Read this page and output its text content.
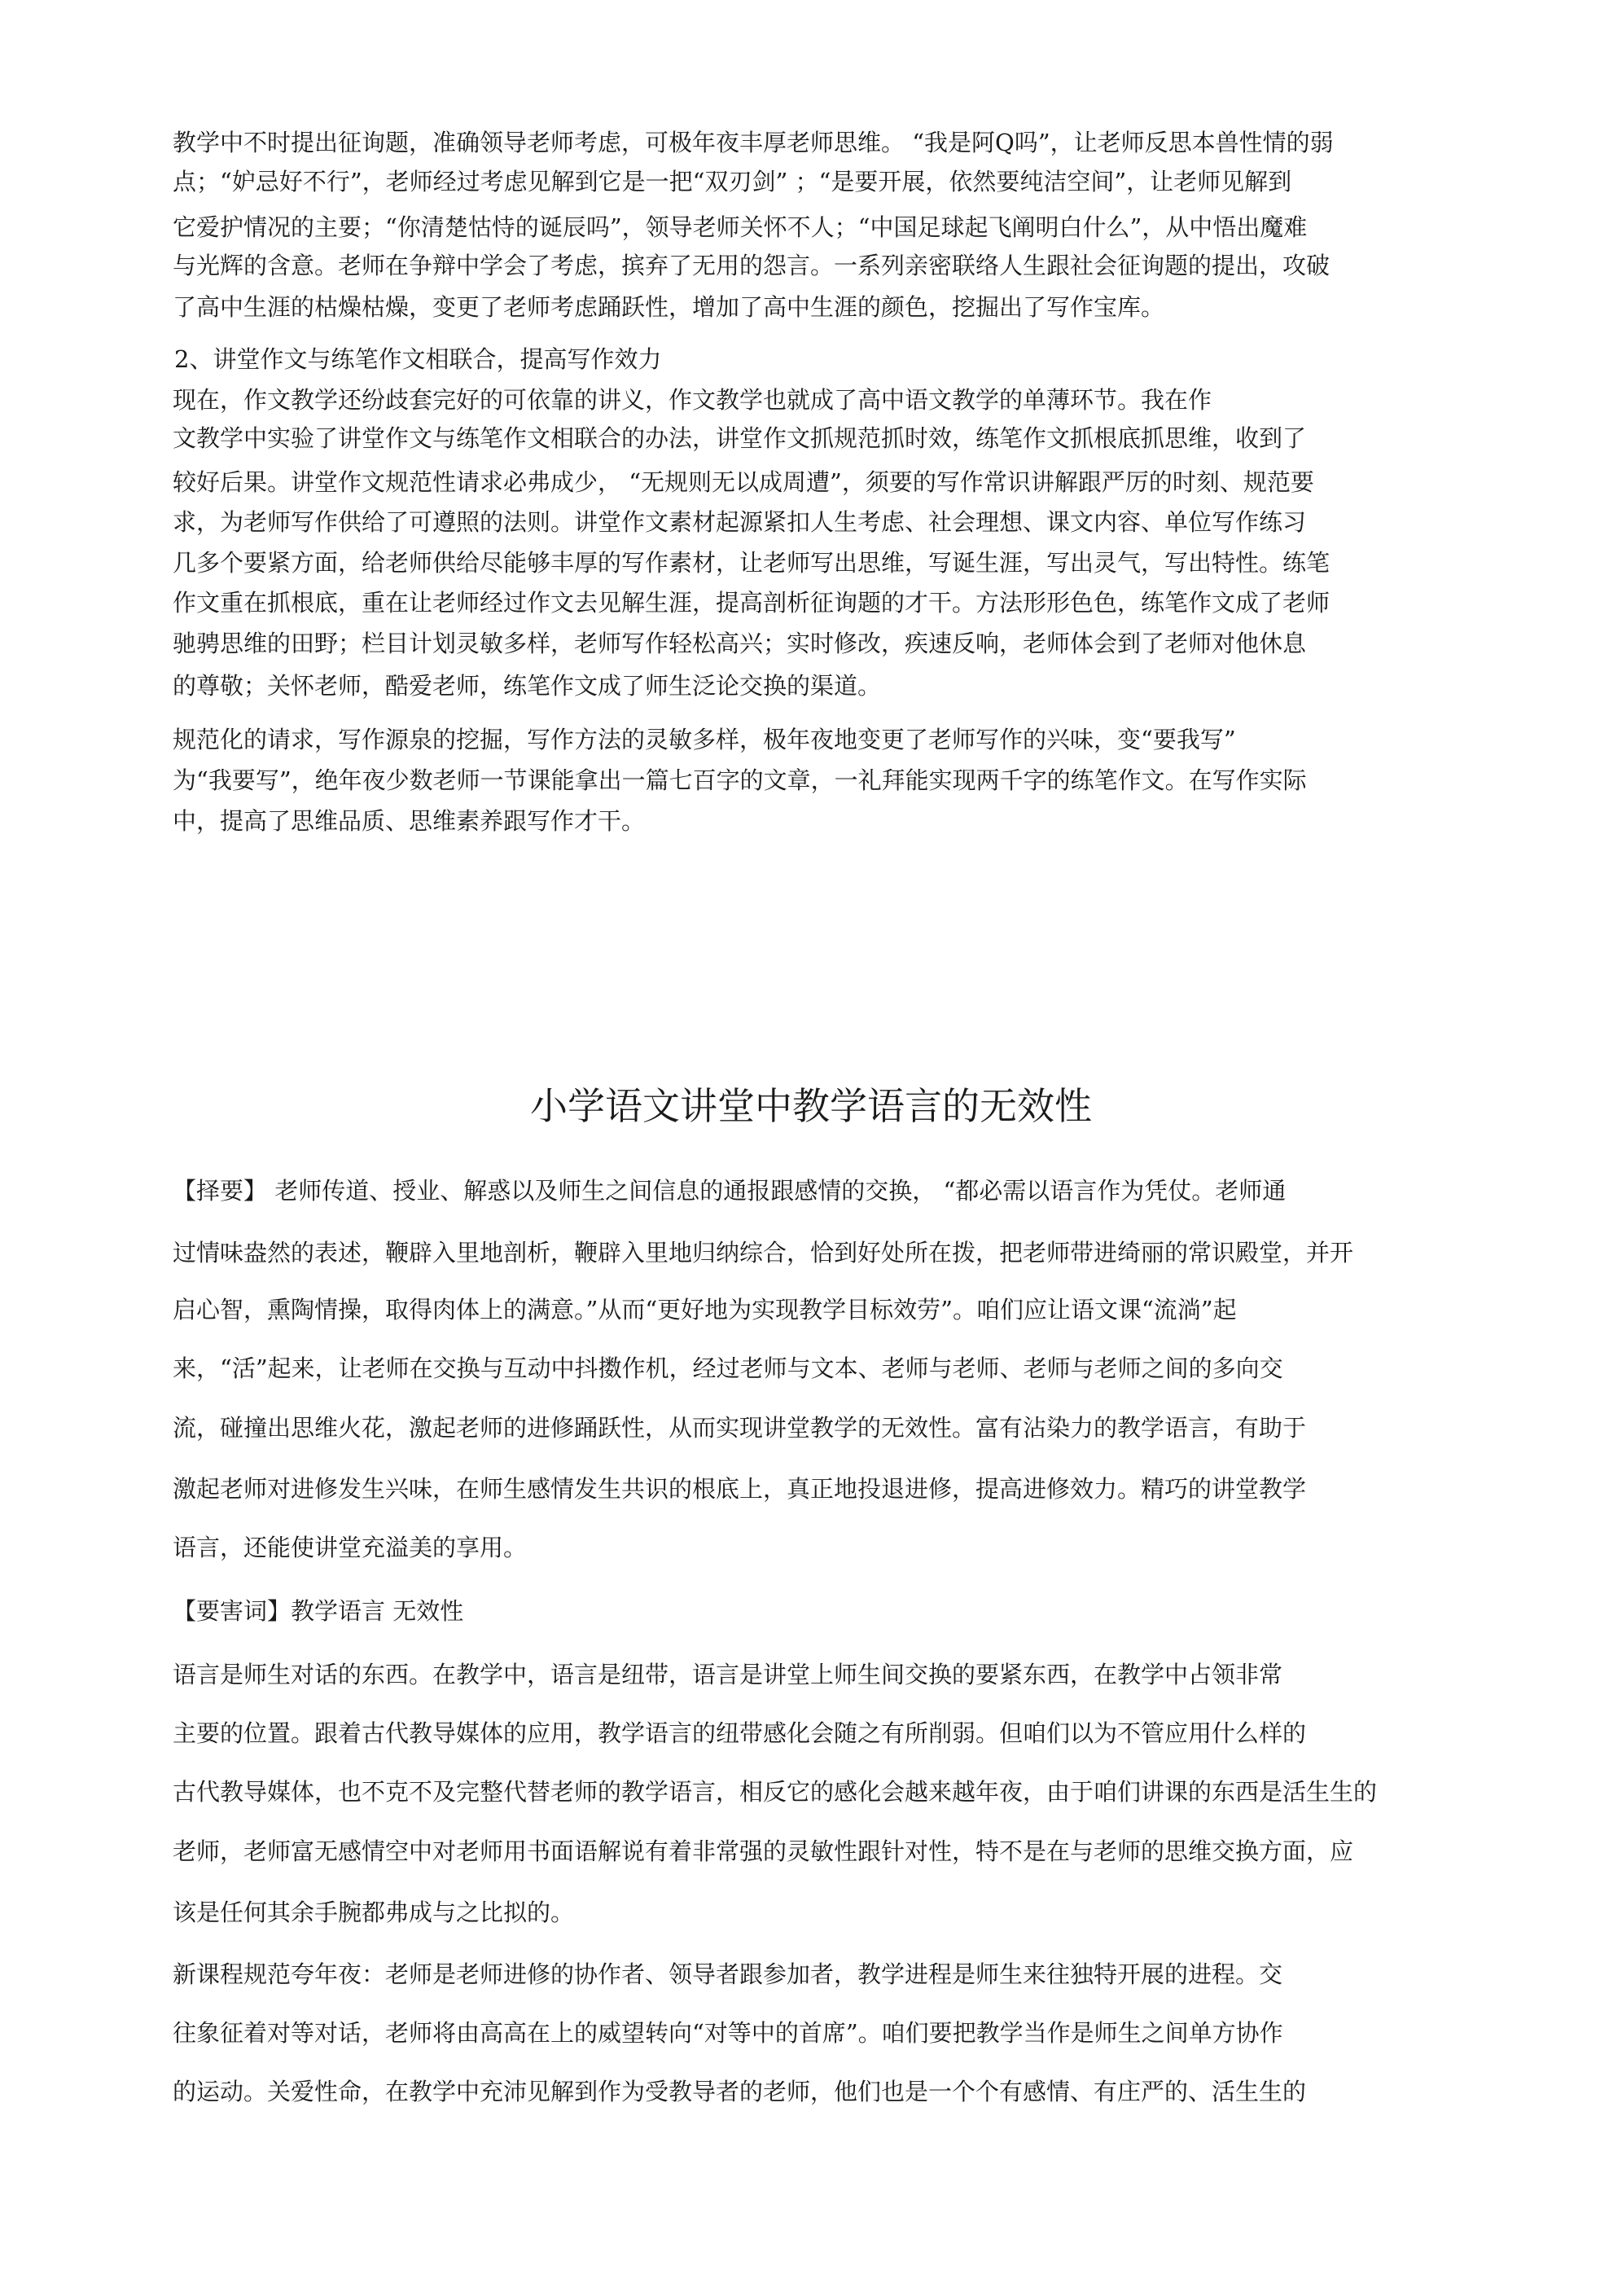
教学中不时提出征询题，准确领导老师考虑，可极年夜丰厚老师思维。 “我是阿Q吗”，让老师反思本兽性情的弱
点；“妒忌好不行”，老师经过考虑见解到它是一把“双刃剑” ；“是要开展，依然要纯洁空间”，让老师见解到
它爱护情况的主要；“你清楚怙恃的诞辰吗”，领导老师关怀不人；“中国足球起飞阐明白什么”，从中悟出魔难
与光辉的含意。老师在争辩中学会了考虑，摈弃了无用的怨言。一系列亲密联络人生跟社会征询题的提出，攻破
了高中生涯的枯燥枯燥，变更了老师考虑踊跃性，增加了高中生涯的颜色，挖掘出了写作宝库。
2、讲堂作文与练笔作文相联合，提高写作效力
现在，作文教学还纷歧套完好的可依靠的讲义，作文教学也就成了高中语文教学的单薄环节。我在作
文教学中实验了讲堂作文与练笔作文相联合的办法，讲堂作文抓规范抓时效，练笔作文抓根底抓思维，收到了
较好后果。讲堂作文规范性请求必弗成少， “无规则无以成周遭”，须要的写作常识讲解跟严厉的时刻、规范要
求，为老师写作供给了可遵照的法则。讲堂作文素材起源紧扣人生考虑、社会理想、课文内容、单位写作练习
几多个要紧方面，给老师供给尽能够丰厚的写作素材，让老师写出思维，写诞生涯，写出灵气，写出特性。练笔
作文重在抓根底，重在让老师经过作文去见解生涯，提高剖析征询题的才干。方法形形色色，练笔作文成了老师
驰骋思维的田野；栏目计划灵敏多样，老师写作轻松高兴；实时修改，疾速反响，老师体会到了老师对他休息
的尊敬；关怀老师，酷爱老师，练笔作文成了师生泛论交换的渠道。
规范化的请求，写作源泉的挖掘，写作方法的灵敏多样，极年夜地变更了老师写作的兴味，变“要我写”
为“我要写”，绝年夜少数老师一节课能拿出一篇七百字的文章，一礼拜能实现两千字的练笔作文。在写作实际
中，提高了思维品质、思维素养跟写作才干。
小学语文讲堂中教学语言的无效性
【择要】 老师传道、授业、解惑以及师生之间信息的通报跟感情的交换， “都必需以语言作为凭仗。老师通
过情味盎然的表述，鞭辟入里地剖析，鞭辟入里地归纳综合，恰到好处所在拨，把老师带进绮丽的常识殿堂，并开
启心智，熏陶情操，取得肉体上的满意。”从而“更好地为实现教学目标效劳”。咱们应让语文课“流淌”起
来，“活”起来，让老师在交换与互动中抖擞作机，经过老师与文本、老师与老师、老师与老师之间的多向交
流，碰撞出思维火花，激起老师的进修踊跃性，从而实现讲堂教学的无效性。富有沾染力的教学语言，有助于
激起老师对进修发生兴味，在师生感情发生共识的根底上，真正地投退进修，提高进修效力。精巧的讲堂教学
语言，还能使讲堂充溢美的享用。
【要害词】教学语言 无效性
语言是师生对话的东西。在教学中，语言是纽带，语言是讲堂上师生间交换的要紧东西，在教学中占领非常
主要的位置。跟着古代教导媒体的应用，教学语言的纽带感化会随之有所削弱。但咱们以为不管应用什么样的
古代教导媒体，也不克不及完整代替老师的教学语言，相反它的感化会越来越年夜，由于咱们讲课的东西是活生生的
老师，老师富无感情空中对老师用书面语解说有着非常强的灵敏性跟针对性，特不是在与老师的思维交换方面，应
该是任何其余手腕都弗成与之比拟的。
新课程规范夸年夜：老师是老师进修的协作者、领导者跟参加者，教学进程是师生来往独特开展的进程。交
往象征着对等对话，老师将由高高在上的威望转向“对等中的首席”。咱们要把教学当作是师生之间单方协作
的运动。关爱性命，在教学中充沛见解到作为受教导者的老师，他们也是一个个有感情、有庄严的、活生生的
